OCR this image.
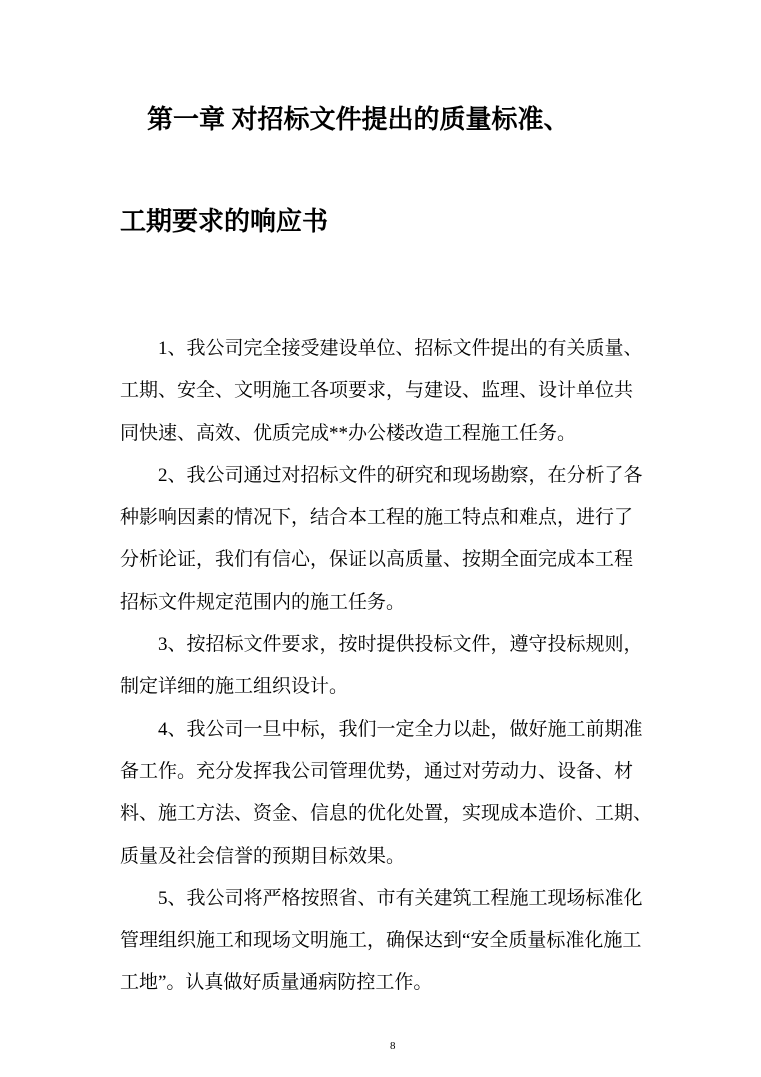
第一章 对招标文件提出的质量标准、
工期要求的响应书
1、我公司完全接受建设单位、招标文件提出的有关质量、
工期、安全、文明施工各项要求，与建设、监理、设计单位共
同快速、高效、优质完成**办公楼改造工程施工任务。
2、我公司通过对招标文件的研究和现场勘察，在分析了各
种影响因素的情况下，结合本工程的施工特点和难点，进行了
分析论证，我们有信心，保证以高质量、按期全面完成本工程
招标文件规定范围内的施工任务。
3、按招标文件要求，按时提供投标文件，遵守投标规则，
制定详细的施工组织设计。
4、我公司一旦中标，我们一定全力以赴，做好施工前期准
备工作。充分发挥我公司管理优势，通过对劳动力、设备、材
料、施工方法、资金、信息的优化处置，实现成本造价、工期、
质量及社会信誉的预期目标效果。
5、我公司将严格按照省、市有关建筑工程施工现场标准化
管理组织施工和现场文明施工，确保达到“安全质量标准化施工
工地”。认真做好质量通病防控工作。
8
